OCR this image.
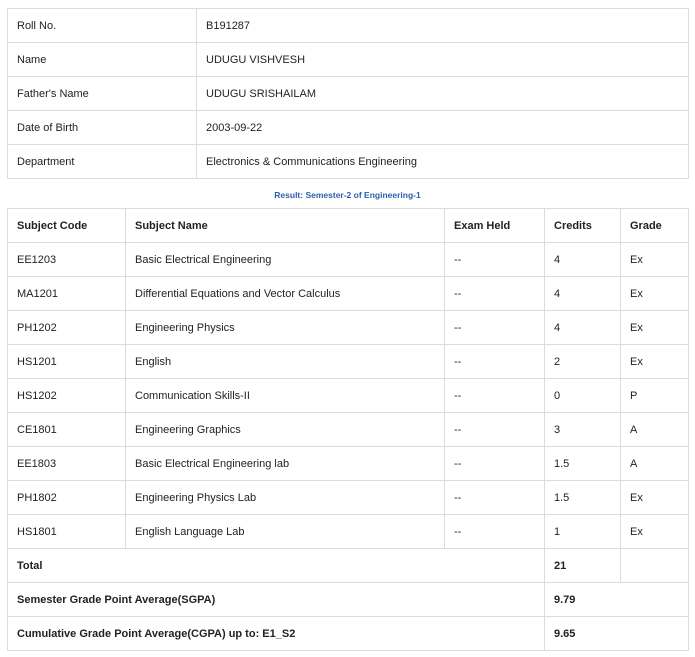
Roll No.	B191287
Name	UDUGU VISHVESH
Father's Name	UDUGU SRISHAILAM
Date of Birth	2003-09-22
Department	Electronics & Communications Engineering
Result: Semester-2 of Engineering-1
Subject Code	Subject Name	Exam Held	Credits	Grade
EE1203	Basic Electrical Engineering	--	4	Ex
MA1201	Differential Equations and Vector Calculus	--	4	Ex
PH1202	Engineering Physics	--	4	Ex
HS1201	English	--	2	Ex
HS1202	Communication Skills-II	--	0	P
CE1801	Engineering Graphics	--	3	A
EE1803	Basic Electrical Engineering lab	--	1.5	A
PH1802	Engineering Physics Lab	--	1.5	Ex
HS1801	English Language Lab	--	1	Ex
Total			21	
Semester Grade Point Average(SGPA)			9.79	
Cumulative Grade Point Average(CGPA) up to: E1_S2			9.65	
